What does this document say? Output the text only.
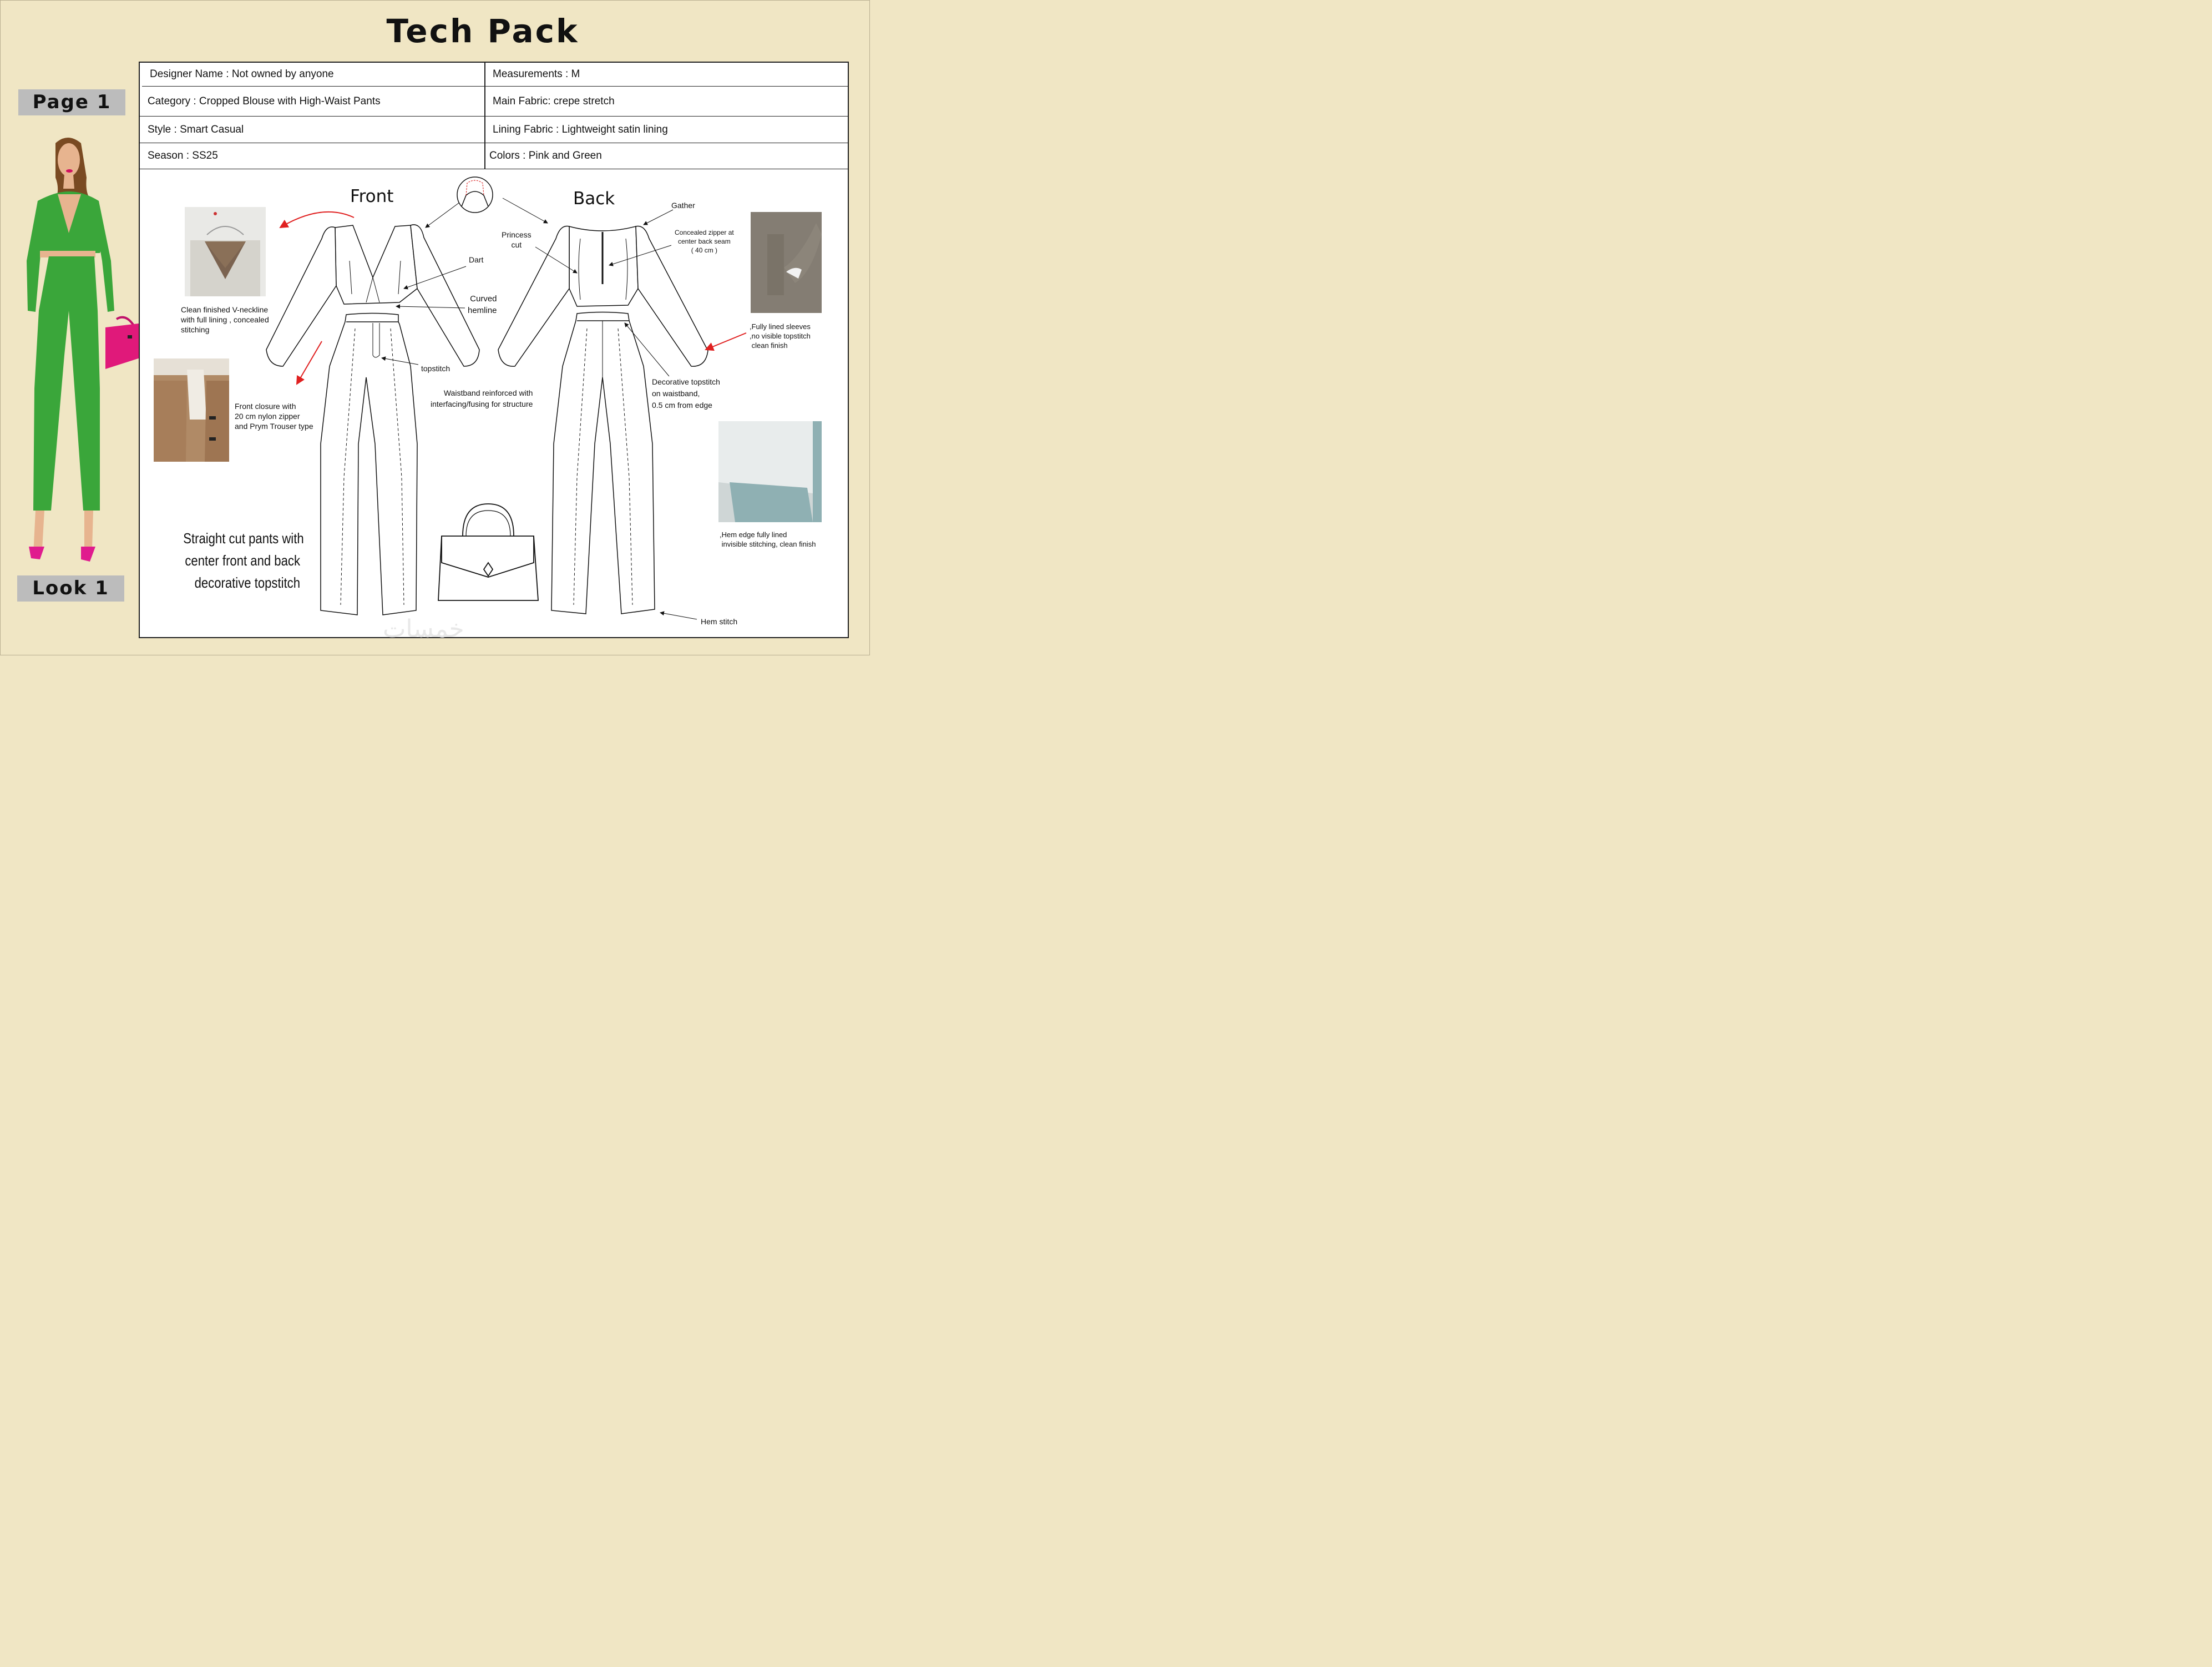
Tech Pack
Page 1
Look 1
Designer Name : Not owned by anyone	Measurements : M
Category : Cropped Blouse with High-Waist Pants	Main Fabric: crepe stretch
Style : Smart Casual	Lining Fabric : Lightweight satin lining
Season : SS25	Colors : Pink and Green
Front	Back
Clean finished V-neckline
with full lining , concealed
stitching
Front closure with
20 cm nylon zipper
and Prym Trouser type
Dart
Curved
hemline
topstitch
Waistband reinforced with
interfacing/fusing for structure
Princess
cut
Gather
Concealed zipper at
center back seam
( 40 cm )
Decorative topstitch
on waistband,
0.5 cm from edge
,Fully lined sleeves
,no visible topstitch
clean finish
,Hem edge fully lined
invisible stitching, clean finish
Hem stitch
Straight cut pants with
center front and back
decorative topstitch
خمسات
